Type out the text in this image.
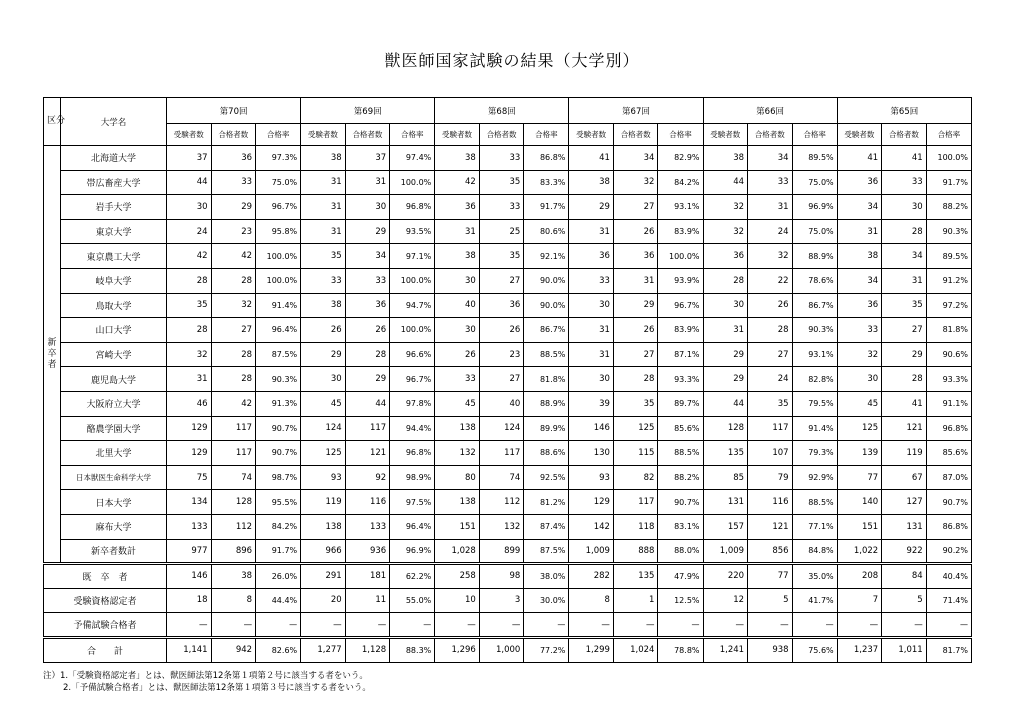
獣医師国家試験の結果（大学別）
区分	大学名	第70回			第69回			第68回			第67回			第66回			第65回		
		受験者数	合格者数	合格率	受験者数	合格者数	合格率	受験者数	合格者数	合格率	受験者数	合格者数	合格率	受験者数	合格者数	合格率	受験者数	合格者数	合格率

新
卒
者	北海道大学	37	36	97.3%	38	37	97.4%	38	33	86.8%	41	34	82.9%	38	34	89.5%	41	41	100.0%
	帯広畜産大学	44	33	75.0%	31	31	100.0%	42	35	83.3%	38	32	84.2%	44	33	75.0%	36	33	91.7%
	岩手大学	30	29	96.7%	31	30	96.8%	36	33	91.7%	29	27	93.1%	32	31	96.9%	34	30	88.2%
	東京大学	24	23	95.8%	31	29	93.5%	31	25	80.6%	31	26	83.9%	32	24	75.0%	31	28	90.3%
	東京農工大学	42	42	100.0%	35	34	97.1%	38	35	92.1%	36	36	100.0%	36	32	88.9%	38	34	89.5%
	岐阜大学	28	28	100.0%	33	33	100.0%	30	27	90.0%	33	31	93.9%	28	22	78.6%	34	31	91.2%
	鳥取大学	35	32	91.4%	38	36	94.7%	40	36	90.0%	30	29	96.7%	30	26	86.7%	36	35	97.2%
	山口大学	28	27	96.4%	26	26	100.0%	30	26	86.7%	31	26	83.9%	31	28	90.3%	33	27	81.8%
	宮崎大学	32	28	87.5%	29	28	96.6%	26	23	88.5%	31	27	87.1%	29	27	93.1%	32	29	90.6%
	鹿児島大学	31	28	90.3%	30	29	96.7%	33	27	81.8%	30	28	93.3%	29	24	82.8%	30	28	93.3%
	大阪府立大学	46	42	91.3%	45	44	97.8%	45	40	88.9%	39	35	89.7%	44	35	79.5%	45	41	91.1%
	酪農学園大学	129	117	90.7%	124	117	94.4%	138	124	89.9%	146	125	85.6%	128	117	91.4%	125	121	96.8%
	北里大学	129	117	90.7%	125	121	96.8%	132	117	88.6%	130	115	88.5%	135	107	79.3%	139	119	85.6%
	日本獣医生命科学大学	75	74	98.7%	93	92	98.9%	80	74	92.5%	93	82	88.2%	85	79	92.9%	77	67	87.0%
	日本大学	134	128	95.5%	119	116	97.5%	138	112	81.2%	129	117	90.7%	131	116	88.5%	140	127	90.7%
	麻布大学	133	112	84.2%	138	133	96.4%	151	132	87.4%	142	118	83.1%	157	121	77.1%	151	131	86.8%
	新卒者数計	977	896	91.7%	966	936	96.9%	1,028	899	87.5%	1,009	888	88.0%	1,009	856	84.8%	1,022	922	90.2%
既　卒　者		146	38	26.0%	291	181	62.2%	258	98	38.0%	282	135	47.9%	220	77	35.0%	208	84	40.4%
受験資格認定者		18	8	44.4%	20	11	55.0%	10	3	30.0%	8	1	12.5%	12	5	41.7%	7	5	71.4%
予備試験合格者		—	—	—	—	—	—	—	—	—	—	—	—	—	—	—	—	—	—
合　　計		1,141	942	82.6%	1,277	1,128	88.3%	1,296	1,000	77.2%	1,299	1,024	78.8%	1,241	938	75.6%	1,237	1,011	81.7%
注）1.「受験資格認定者」とは、獣医師法第12条第１項第２号に該当する者をいう。
2.「予備試験合格者」とは、獣医師法第12条第１項第３号に該当する者をいう。
